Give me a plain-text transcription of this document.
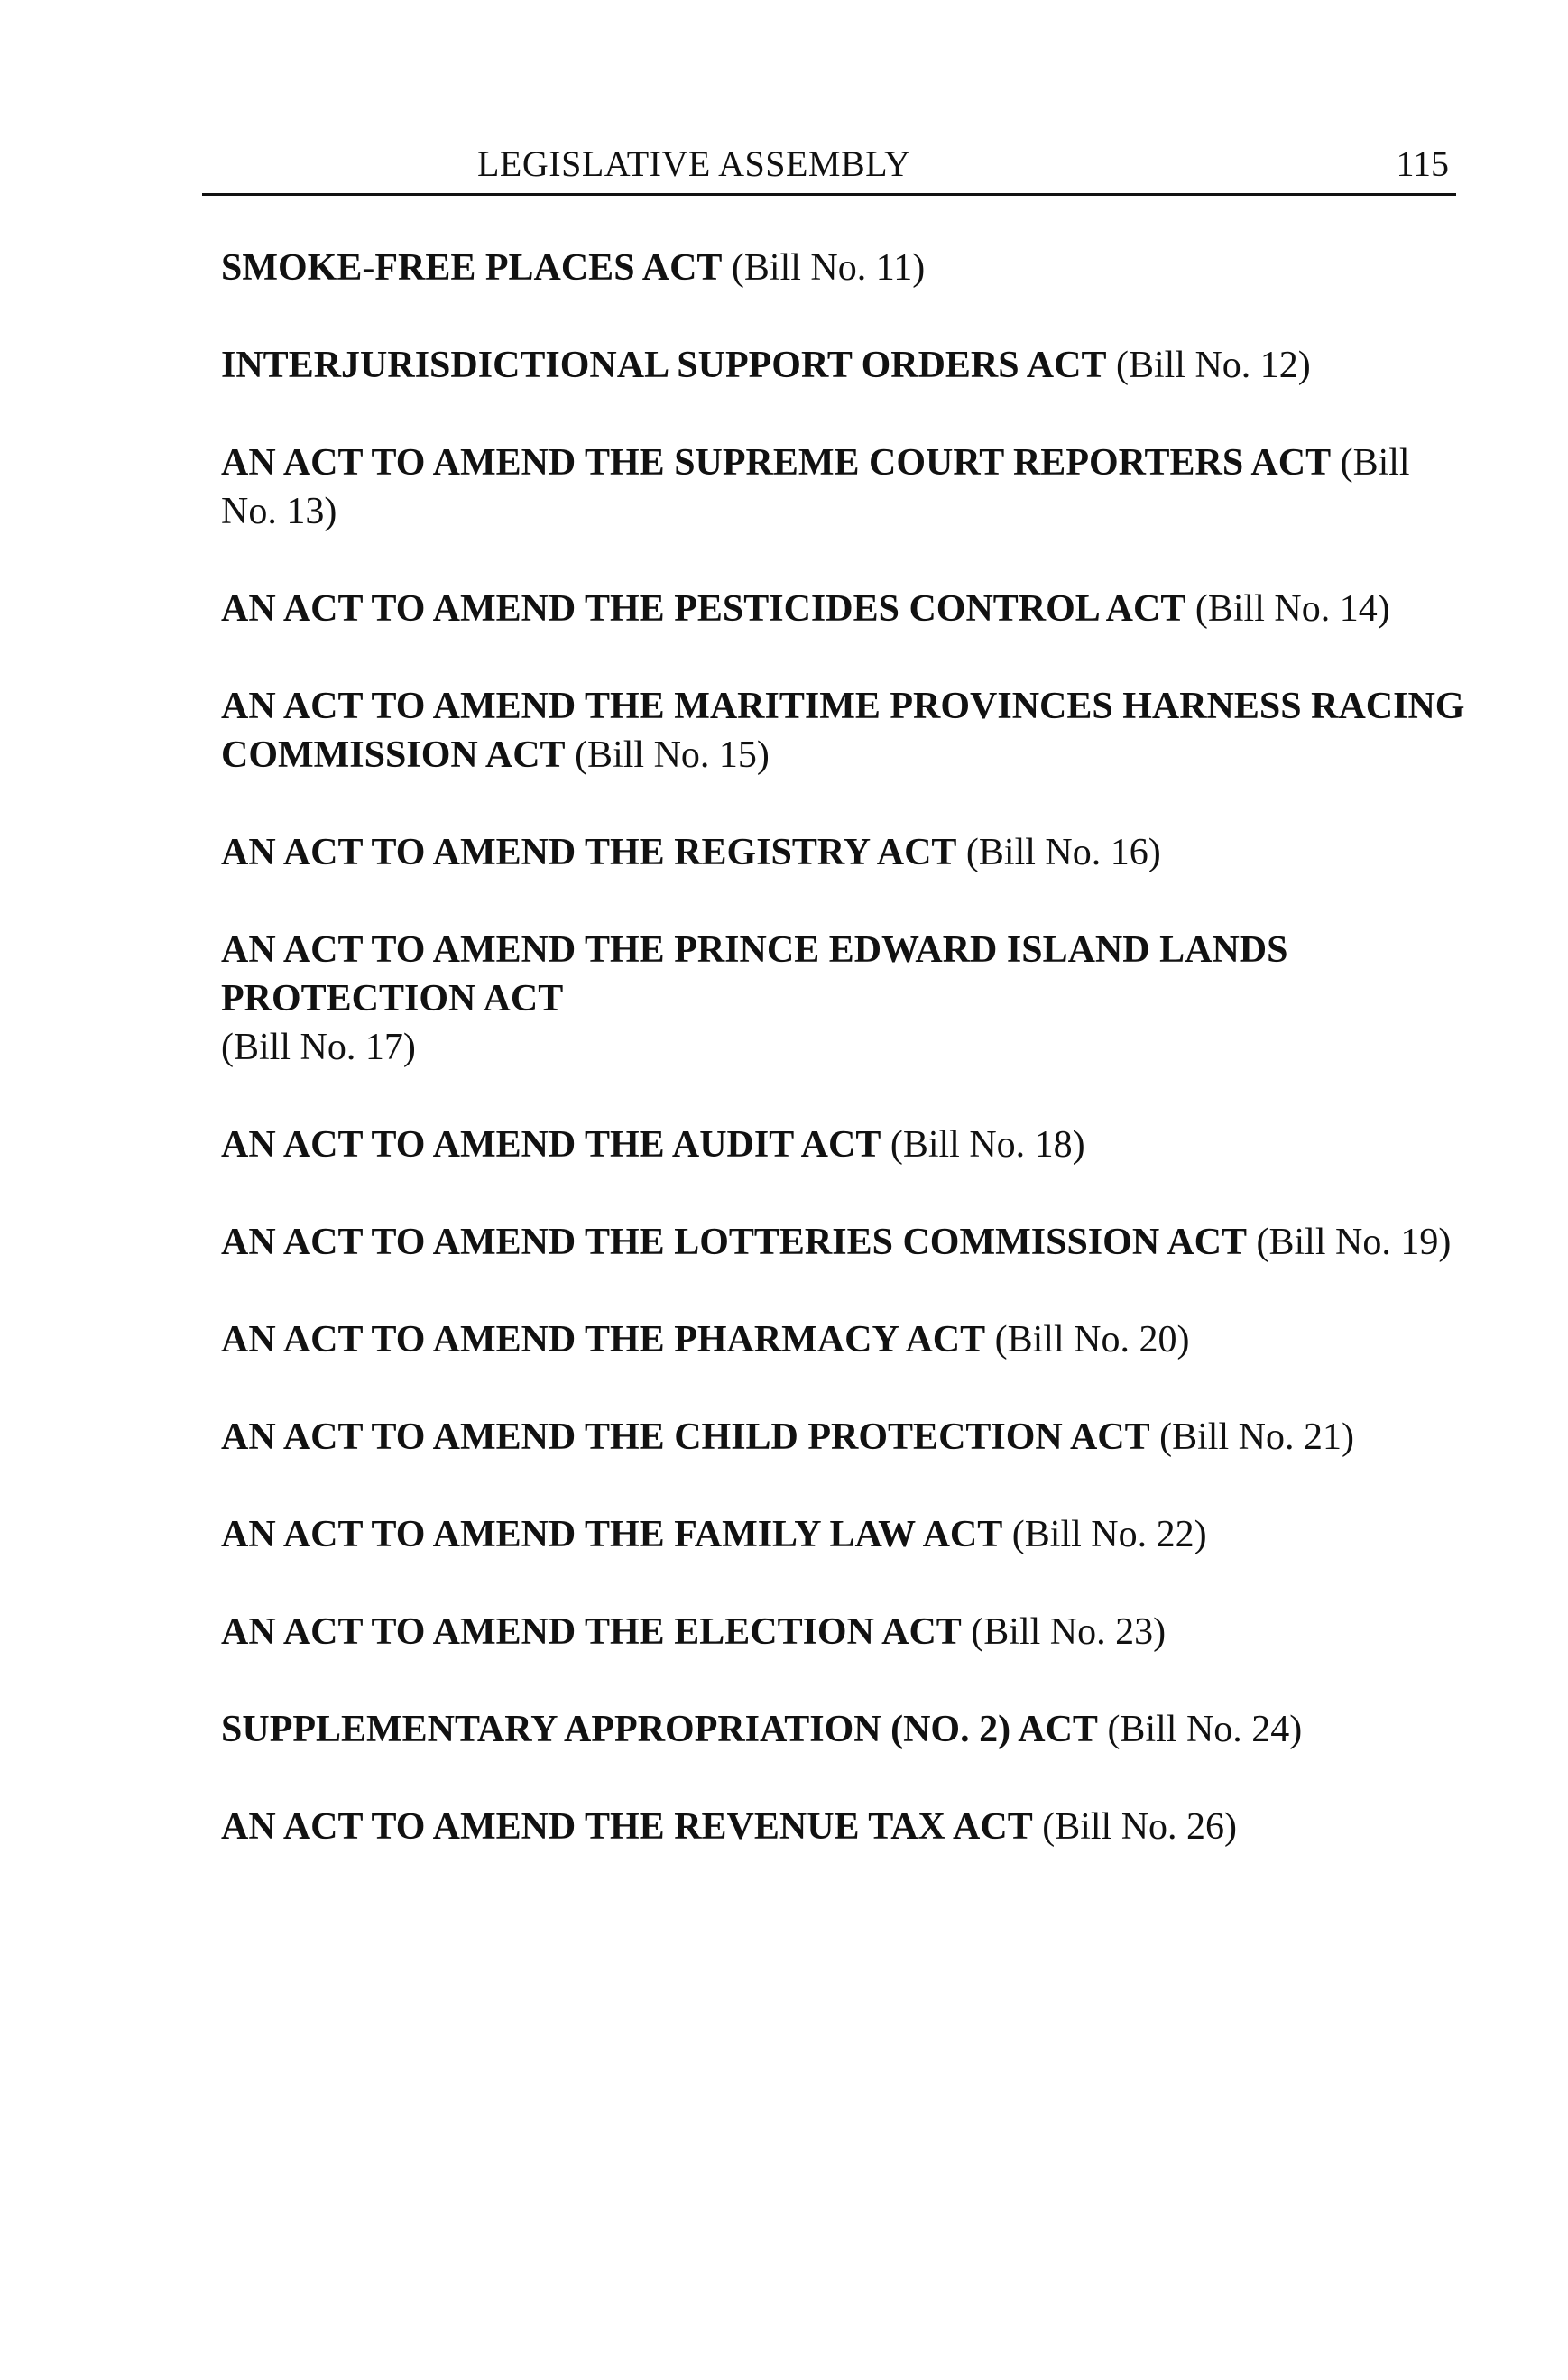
LEGISLATIVE ASSEMBLY	115
SMOKE-FREE PLACES ACT (Bill No. 11)
INTERJURISDICTIONAL SUPPORT ORDERS ACT (Bill No. 12)
AN ACT TO AMEND THE SUPREME COURT REPORTERS ACT (Bill No. 13)
AN ACT TO AMEND THE PESTICIDES CONTROL ACT (Bill No. 14)
AN ACT TO AMEND THE MARITIME PROVINCES HARNESS RACING COMMISSION ACT (Bill No. 15)
AN ACT TO AMEND THE REGISTRY ACT (Bill No. 16)
AN ACT TO AMEND THE PRINCE EDWARD ISLAND LANDS PROTECTION ACT
(Bill No. 17)
AN ACT TO AMEND THE AUDIT ACT (Bill No. 18)
AN ACT TO AMEND THE LOTTERIES COMMISSION ACT (Bill No. 19)
AN ACT TO AMEND THE PHARMACY ACT (Bill No. 20)
AN ACT TO AMEND THE CHILD PROTECTION ACT (Bill No. 21)
AN ACT TO AMEND THE FAMILY LAW ACT (Bill No. 22)
AN ACT TO AMEND THE ELECTION ACT (Bill No. 23)
SUPPLEMENTARY APPROPRIATION (NO. 2) ACT (Bill No. 24)
AN ACT TO AMEND THE REVENUE TAX ACT (Bill No. 26)
